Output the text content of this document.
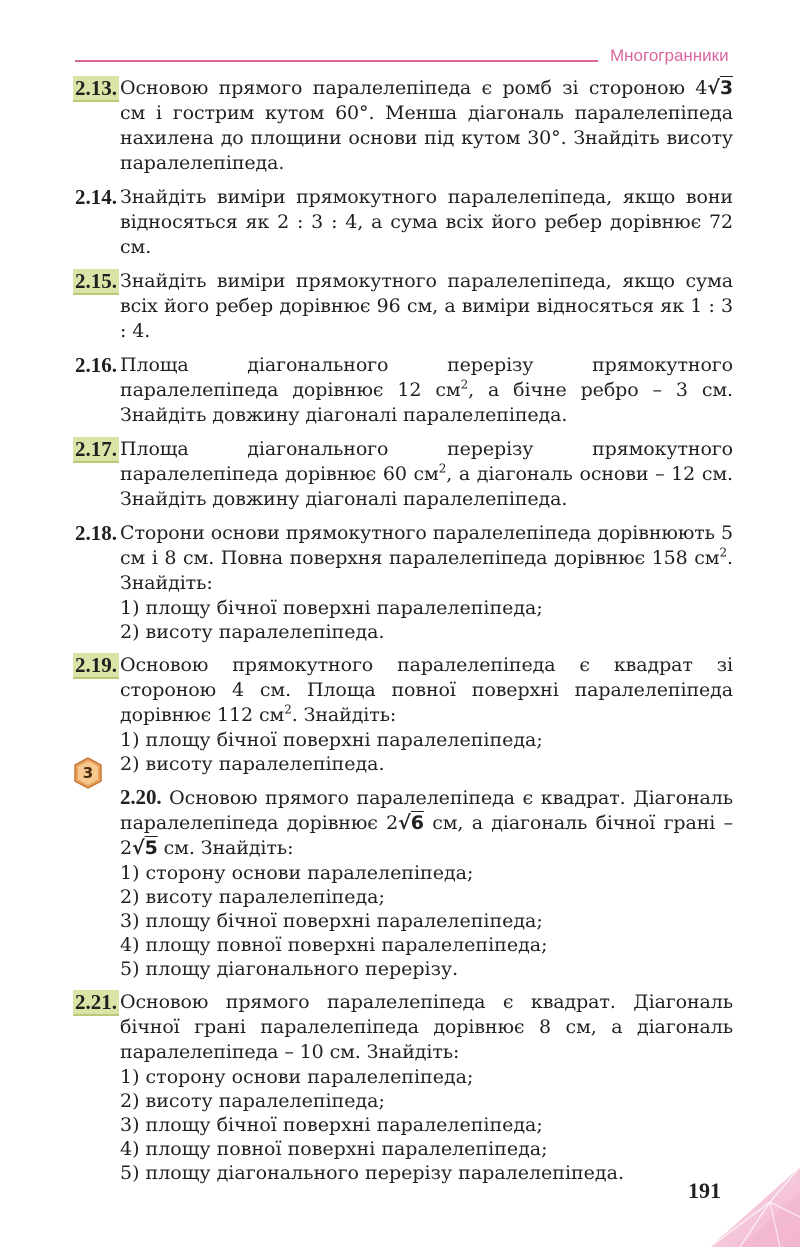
Многогранники
3
2.13. Основою прямого паралелепіпеда є ромб зі стороною 4√3 см і гострим кутом 60°. Менша діагональ паралелепіпеда нахилена до площини основи під кутом 30°. Знайдіть висоту паралелепіпеда.
2.14. Знайдіть виміри прямокутного паралелепіпеда, якщо вони відносяться як 2 : 3 : 4, а сума всіх його ребер дорівнює 72 см.
2.15. Знайдіть виміри прямокутного паралелепіпеда, якщо сума всіх його ребер дорівнює 96 см, а виміри відносяться як 1 : 3 : 4.
2.16. Площа діагонального перерізу прямокутного паралелепіпеда дорівнює 12 $см^2$, а бічне ребро – 3 см. Знайдіть довжину діагоналі паралелепіпеда.
2.17. Площа діагонального перерізу прямокутного паралелепіпеда дорівнює 60 $см^2$, а діагональ основи – 12 см. Знайдіть довжину діагоналі паралелепіпеда.
2.18. Сторони основи прямокутного паралелепіпеда дорівнюють 5 см і 8 см. Повна поверхня паралелепіпеда дорівнює 158 $см^2$. Знайдіть:
1) площу бічної поверхні паралелепіпеда;
2) висоту паралелепіпеда.
2.19. Основою прямокутного паралелепіпеда є квадрат зі стороною 4 см. Площа повної поверхні паралелепіпеда дорівнює 112 $см^2$. Знайдіть:
1) площу бічної поверхні паралелепіпеда;
2) висоту паралелепіпеда.
2.20. Основою прямого паралелепіпеда є квадрат. Діагональ паралелепіпеда дорівнює 2√6 см, а діагональ бічної грані – 2√5 см. Знайдіть:
1) сторону основи паралелепіпеда;
2) висоту паралелепіпеда;
3) площу бічної поверхні паралелепіпеда;
4) площу повної поверхні паралелепіпеда;
5) площу діагонального перерізу.
2.21. Основою прямого паралелепіпеда є квадрат. Діагональ бічної грані паралелепіпеда дорівнює 8 см, а діагональ паралелепіпеда – 10 см. Знайдіть:
1) сторону основи паралелепіпеда;
2) висоту паралелепіпеда;
3) площу бічної поверхні паралелепіпеда;
4) площу повної поверхні паралелепіпеда;
5) площу діагонального перерізу паралелепіпеда.
191
